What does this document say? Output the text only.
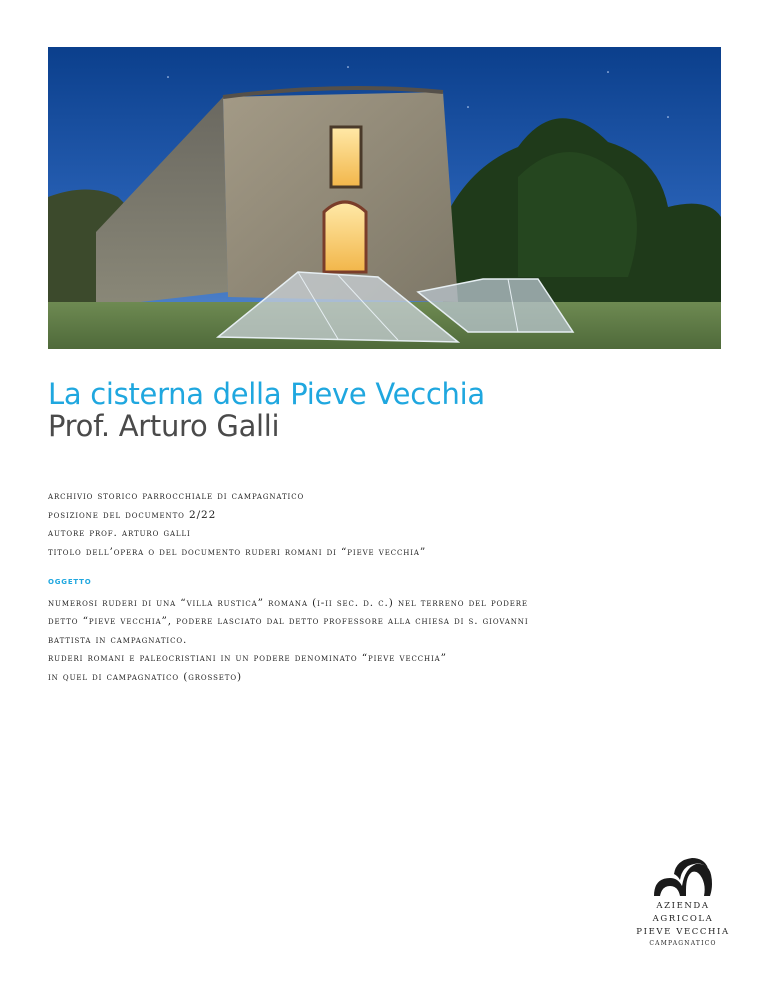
La cisterna della Pieve Vecchia
Prof. Arturo Galli
archivio storico parrocchiale di campagnatico
posizione del documento 2/22
autore prof. arturo galli
titolo dell’opera o del documento ruderi romani di “pieve vecchia”
oggetto
numerosi ruderi di una “villa rustica” romana (i-ii sec. d. c.) nel terreno del podere
detto “pieve vecchia”, podere lasciato dal detto professore alla chiesa di s. giovanni
battista in campagnatico.
ruderi romani e paleocristiani in un podere denominato “pieve vecchia”
in quel di campagnatico (grosseto)
AZIENDA AGRICOLA
PIEVE VECCHIA
CAMPAGNATICO
